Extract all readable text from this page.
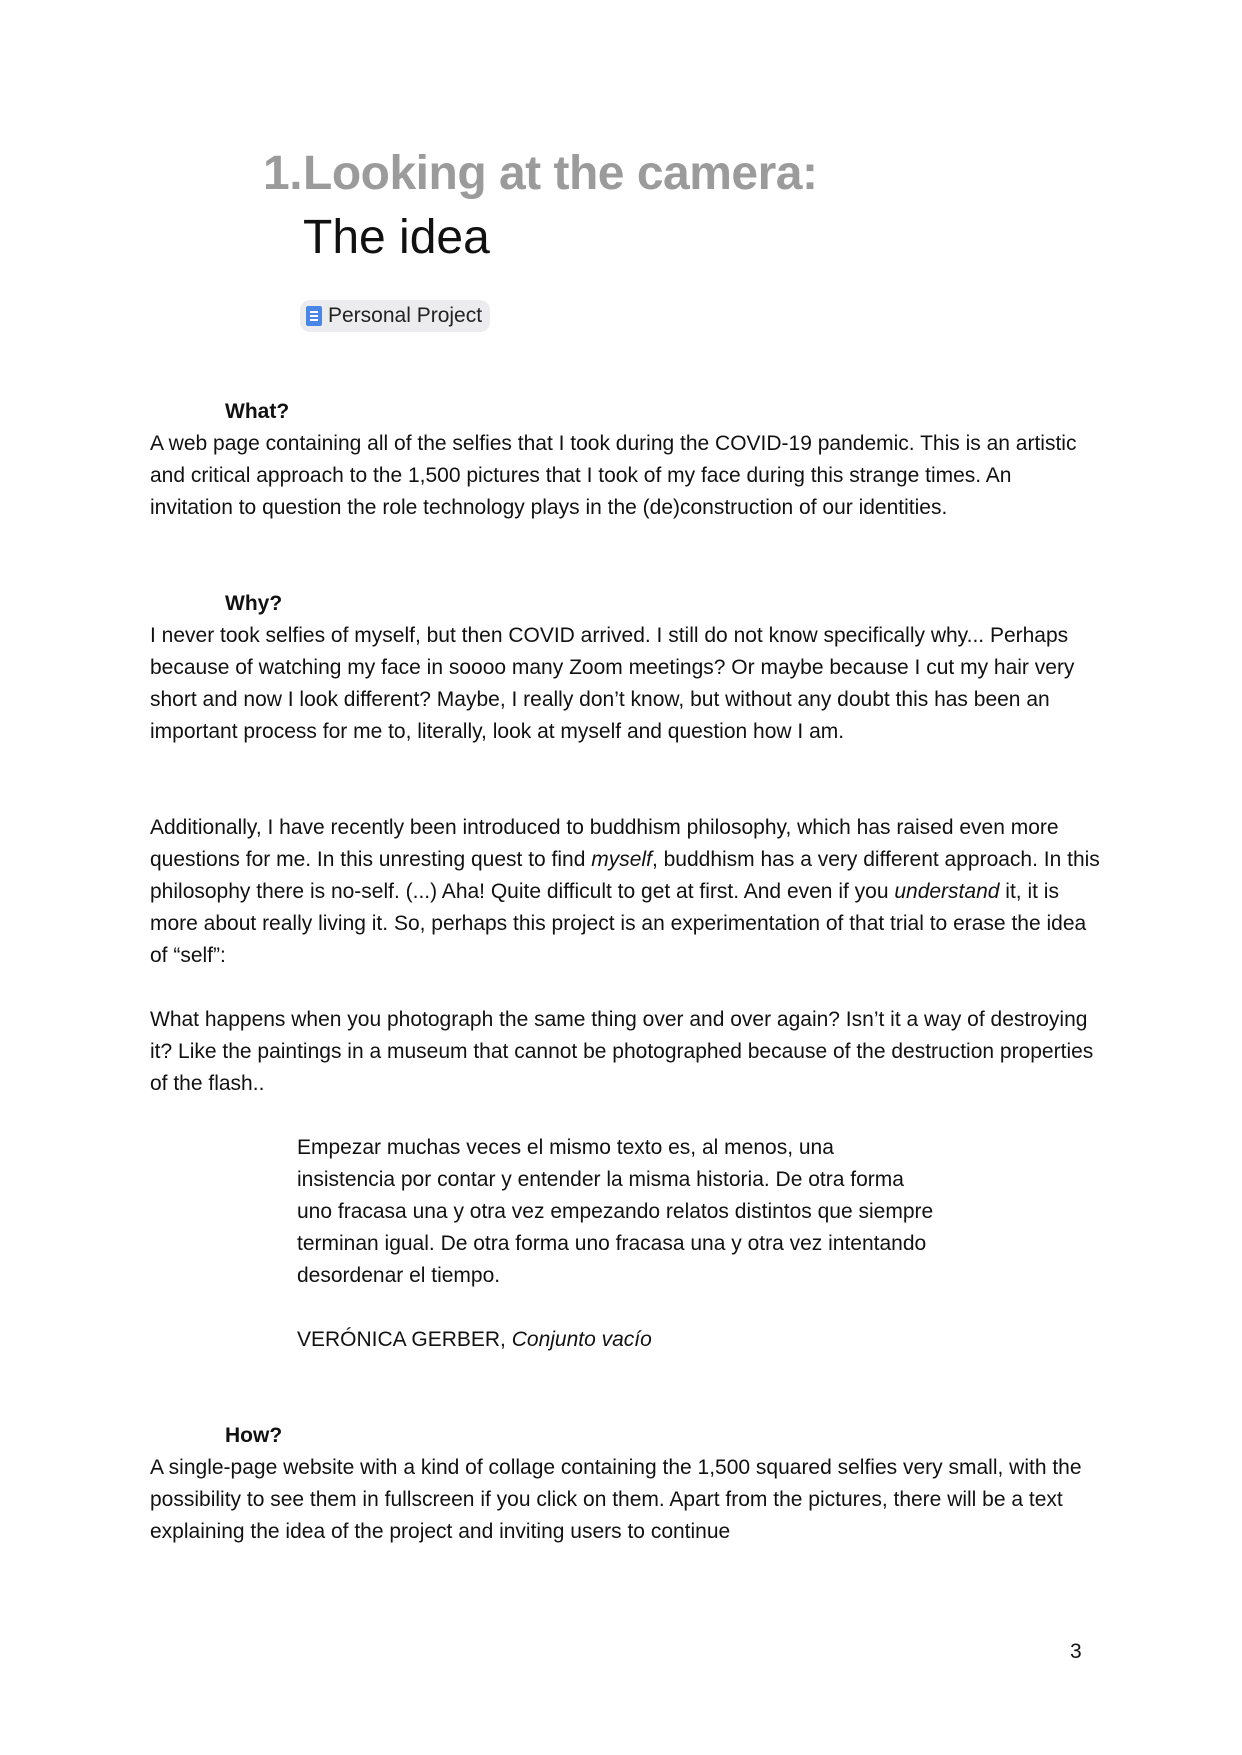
1. Looking at the camera:
The idea
Personal Project
What?

A web page containing all of the selfies that I took during the COVID-19 pandemic. This is an artistic and critical approach to the 1,500 pictures that I took of my face during this strange times. An invitation to question the role technology plays in the (de)construction of our identities.

Why?

I never took selfies of myself, but then COVID arrived. I still do not know specifically why... Perhaps because of watching my face in soooo many Zoom meetings? Or maybe because I cut my hair very short and now I look different? Maybe, I really don’t know, but without any doubt this has been an important process for me to, literally, look at myself and question how I am.

Additionally, I have recently been introduced to buddhism philosophy, which has raised even more questions for me. In this unresting quest to find myself, buddhism has a very different approach. In this philosophy there is no-self. (...) Aha! Quite difficult to get at first. And even if you understand it, it is more about really living it. So, perhaps this project is an experimentation of that trial to erase the idea of “self”:

What happens when you photograph the same thing over and over again? Isn’t it a way of destroying it? Like the paintings in a museum that cannot be photographed because of the destruction properties of the flash..

Empezar muchas veces el mismo texto es, al menos, una insistencia por contar y entender la misma historia. De otra forma uno fracasa una y otra vez empezando relatos distintos que siempre terminan igual. De otra forma uno fracasa una y otra vez intentando desordenar el tiempo.

VERÓNICA GERBER, Conjunto vacío

How?

A single-page website with a kind of collage containing the 1,500 squared selfies very small, with the possibility to see them in fullscreen if you click on them. Apart from the pictures, there will be a text explaining the idea of the project and inviting users to continue

3
